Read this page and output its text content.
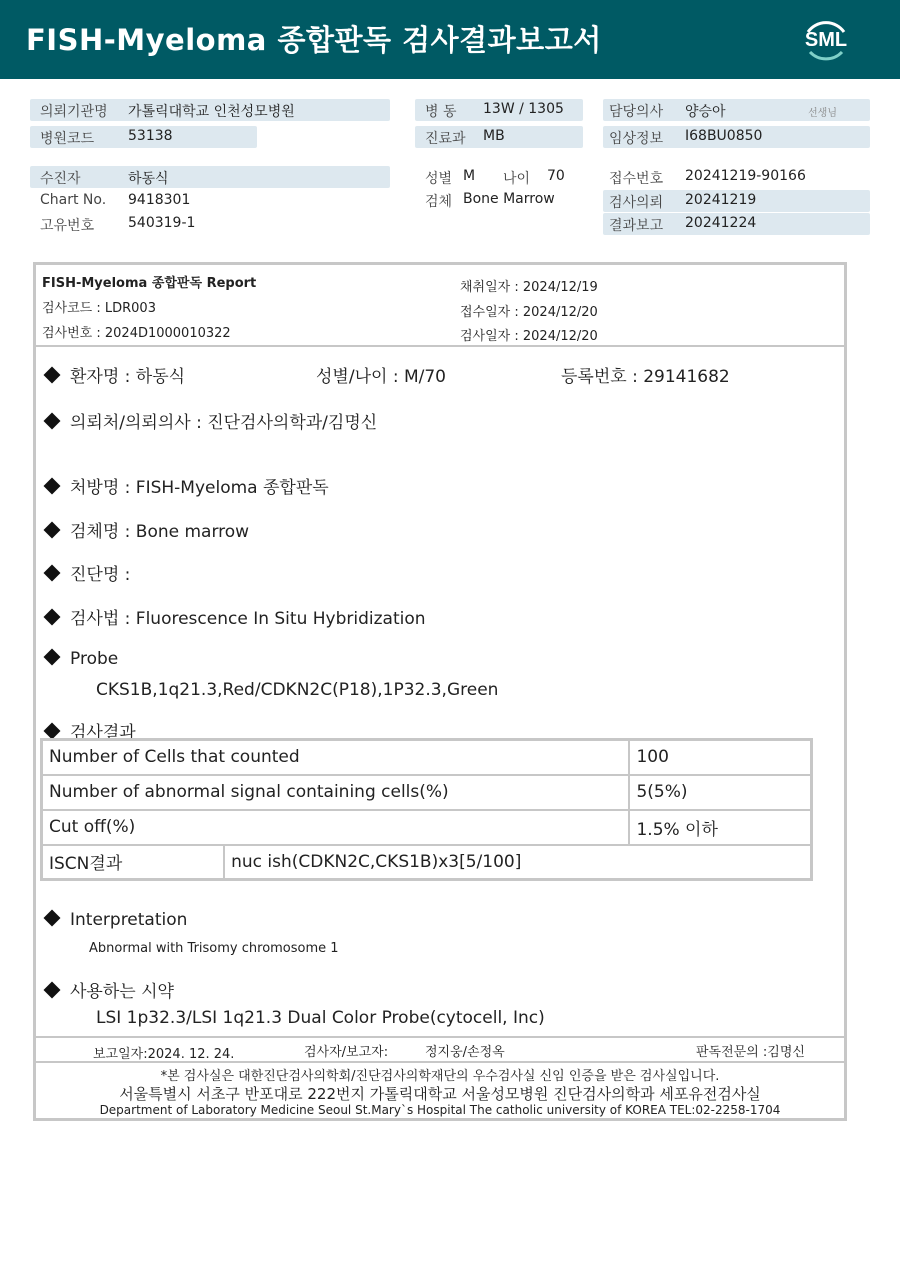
FISH-Myeloma 종합판독 검사결과보고서	SML
의뢰기관명 가톨릭대학교 인천성모병원	병 동 13W / 1305	담당의사 양승아	선생님
병원코드 53138	진료과 MB	임상정보 I68BU0850
수진자	하동식	성별 M 나이 70	접수번호 20241219-90166
Chart No. 9418301	검체 Bone Marrow	검사의뢰 20241219
고유번호 540319-1	결과보고 20241224
FISH-Myeloma 종합판독 Report
검사코드 : LDR003
검사번호 : 2024D1000010322
채취일자 : 2024/12/19
접수일자 : 2024/12/20
검사일자 : 2024/12/20
환자명 : 하동식	성별/나이 : M/70	등록번호 : 29141682
의뢰처/의뢰의사 : 진단검사의학과/김명신
처방명 : FISH-Myeloma 종합판독
검체명 : Bone marrow
진단명 :
검사법 : Fluorescence In Situ Hybridization
Probe
CKS1B,1q21.3,Red/CDKN2C(P18),1P32.3,Green
검사결과
Number of Cells that counted		100
Number of abnormal signal containing cells(%)		5(5%)
Cut off(%)		1.5% 이하
ISCN결과	nuc ish(CDKN2C,CKS1B)x3[5/100]	
Interpretation
Abnormal with Trisomy chromosome 1
사용하는 시약
LSI 1p32.3/LSI 1q21.3 Dual Color Probe(cytocell, Inc)
보고일자:2024. 12. 24.	검사자/보고자:	정지웅/손정옥	판독전문의 :김명신
*본 검사실은 대한진단검사의학회/진단검사의학재단의 우수검사실 신임 인증을 받은 검사실입니다.
서울특별시 서초구 반포대로 222번지 가톨릭대학교 서울성모병원 진단검사의학과 세포유전검사실
Department of Laboratory Medicine Seoul St.Mary`s Hospital The catholic university of KOREA TEL:02-2258-1704
